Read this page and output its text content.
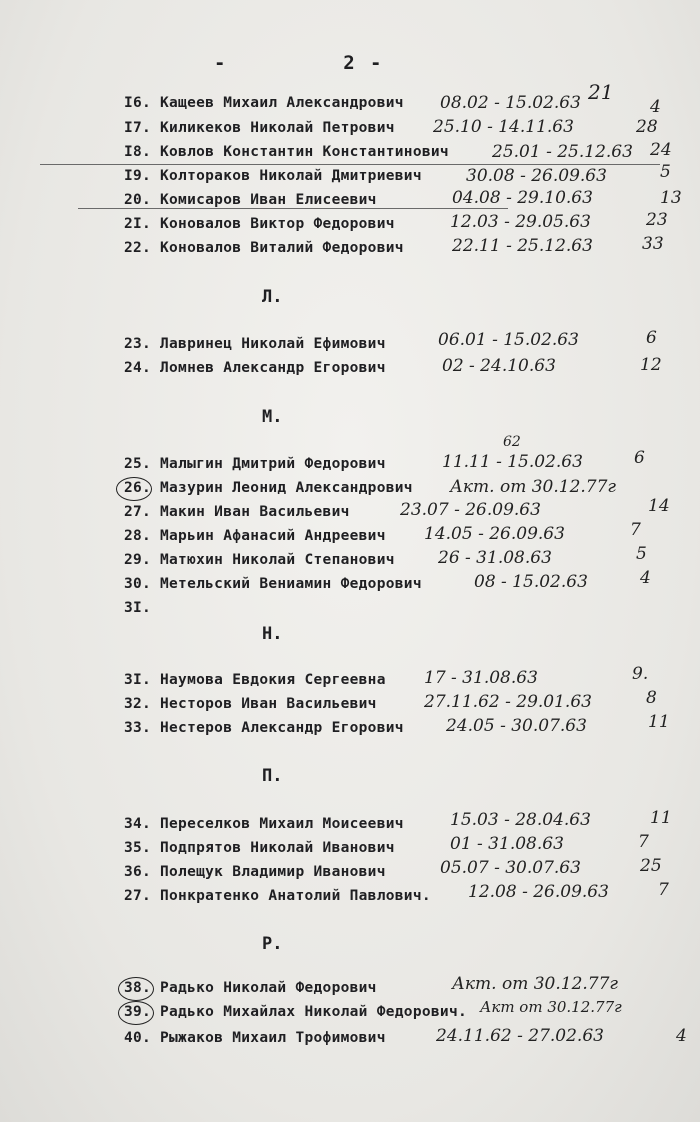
-	2 -
21
I6. Кащеев Михаил Александрович 08.02 - 15.02.63	4
I7. Киликеков Николай Петрович 25.10 - 14.11.63	28
I8. Ковлов Константин Константинович	25.01 - 25.12.63 24
I9. Колтораков Николай Дмитриевич	30.08 - 26.09.63	5
20. Комисаров Иван Елисеевич	04.08 - 29.10.63	13
2I. Коновалов Виктор Федорович	12.03 - 29.05.63	23
22. Коновалов Виталий Федорович	22.11 - 25.12.63	33
Л.
23. Лавринец Николай Ефимович	06.01 - 15.02.63	6
24. Ломнев Александр Егорович	02 - 24.10.63	12
М.
62
25. Малыгин Дмитрий Федорович	11.11 - 15.02.63	6
26. Мазурин Леонид Александрович Акт. от 30.12.77г
27. Макин Иван Васильевич	23.07 - 26.09.63	14
28. Марьин Афанасий Андреевич 14.05 - 26.09.63	7
29. Матюхин Николай Степанович	26 - 31.08.63	5
30. Метельский Вениамин Федорович	08 - 15.02.63	4
3I.
Н.
3I. Наумова Евдокия Сергеевна 17 - 31.08.63	9.
32. Несторов Иван Васильевич	27.11.62 - 29.01.63	8
33. Нестеров Александр Егорович 24.05 - 30.07.63	11
П.
34. Переселков Михаил Моисеевич	15.03 - 28.04.63	11
35. Подпрятов Николай Иванович	01 - 31.08.63	7
36. Полещук Владимир Иванович	05.07 - 30.07.63	25
27. Понкратенко Анатолий Павлович. 12.08 - 26.09.63	7
Р.
38. Радько Николай Федорович	Акт. от 30.12.77г
39. Радько Михайлах Николай Федорович. Акт от 30.12.77г
40. Рыжаков Михаил Трофимович	24.11.62 - 27.02.63	4
